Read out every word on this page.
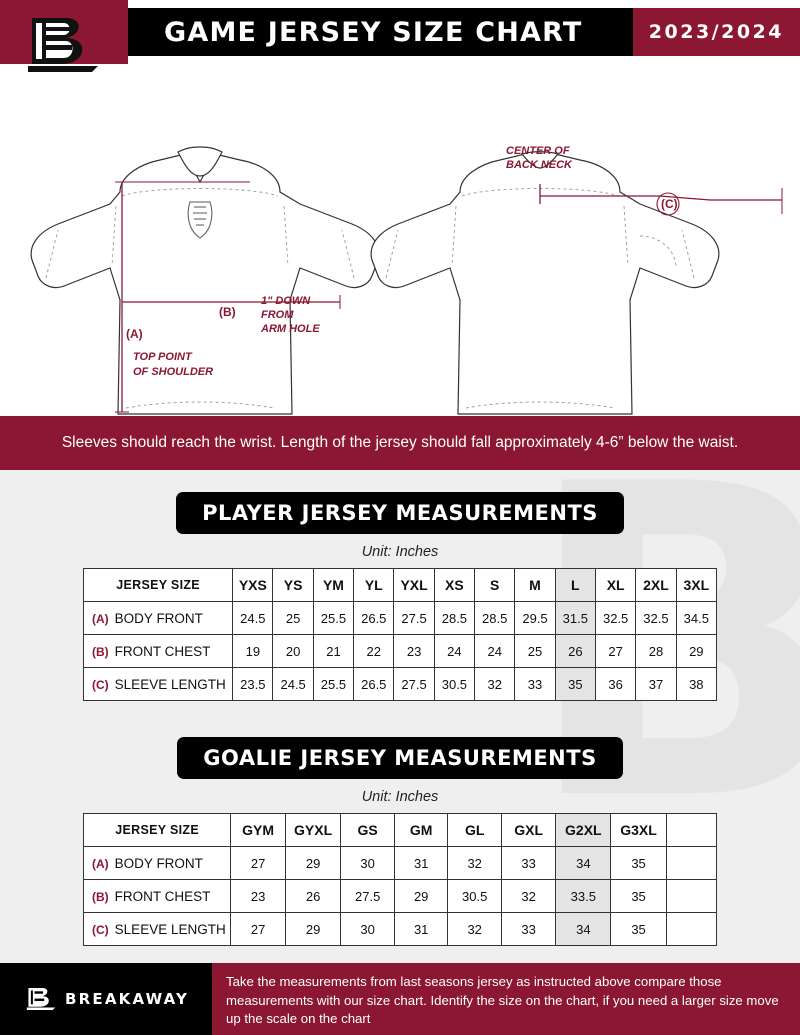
GAME JERSEY SIZE CHART	2023/2024
(A)
TOP POINT
OF SHOULDER
(B)
1" DOWN
FROM
ARM HOLE
CENTER OF
BACK NECK
(C)
Sleeves should reach the wrist. Length of the jersey should fall approximately 4-6” below the waist.
PLAYER JERSEY MEASUREMENTS
Unit: Inches
JERSEY SIZE	YXS	YS	YM	YL	YXL	XS	S	M	L	XL	2XL	3XL
(A) BODY FRONT	24.5	25	25.5	26.5	27.5	28.5	28.5	29.5	31.5	32.5	32.5	34.5
(B) FRONT CHEST	19	20	21	22	23	24	24	25	26	27	28	29
(C) SLEEVE LENGTH	23.5	24.5	25.5	26.5	27.5	30.5	32	33	35	36	37	38
GOALIE JERSEY MEASUREMENTS
Unit: Inches
JERSEY SIZE	GYM	GYXL	GS	GM	GL	GXL	G2XL	G3XL	
(A) BODY FRONT	27	29	30	31	32	33	34	35	
(B) FRONT CHEST	23	26	27.5	29	30.5	32	33.5	35	
(C) SLEEVE LENGTH	27	29	30	31	32	33	34	35	
BREAKAWAY
Take the measurements from last seasons jersey as instructed above compare those measurements with our size chart. Identify the size on the chart, if you need a larger size move up the scale on the chart
